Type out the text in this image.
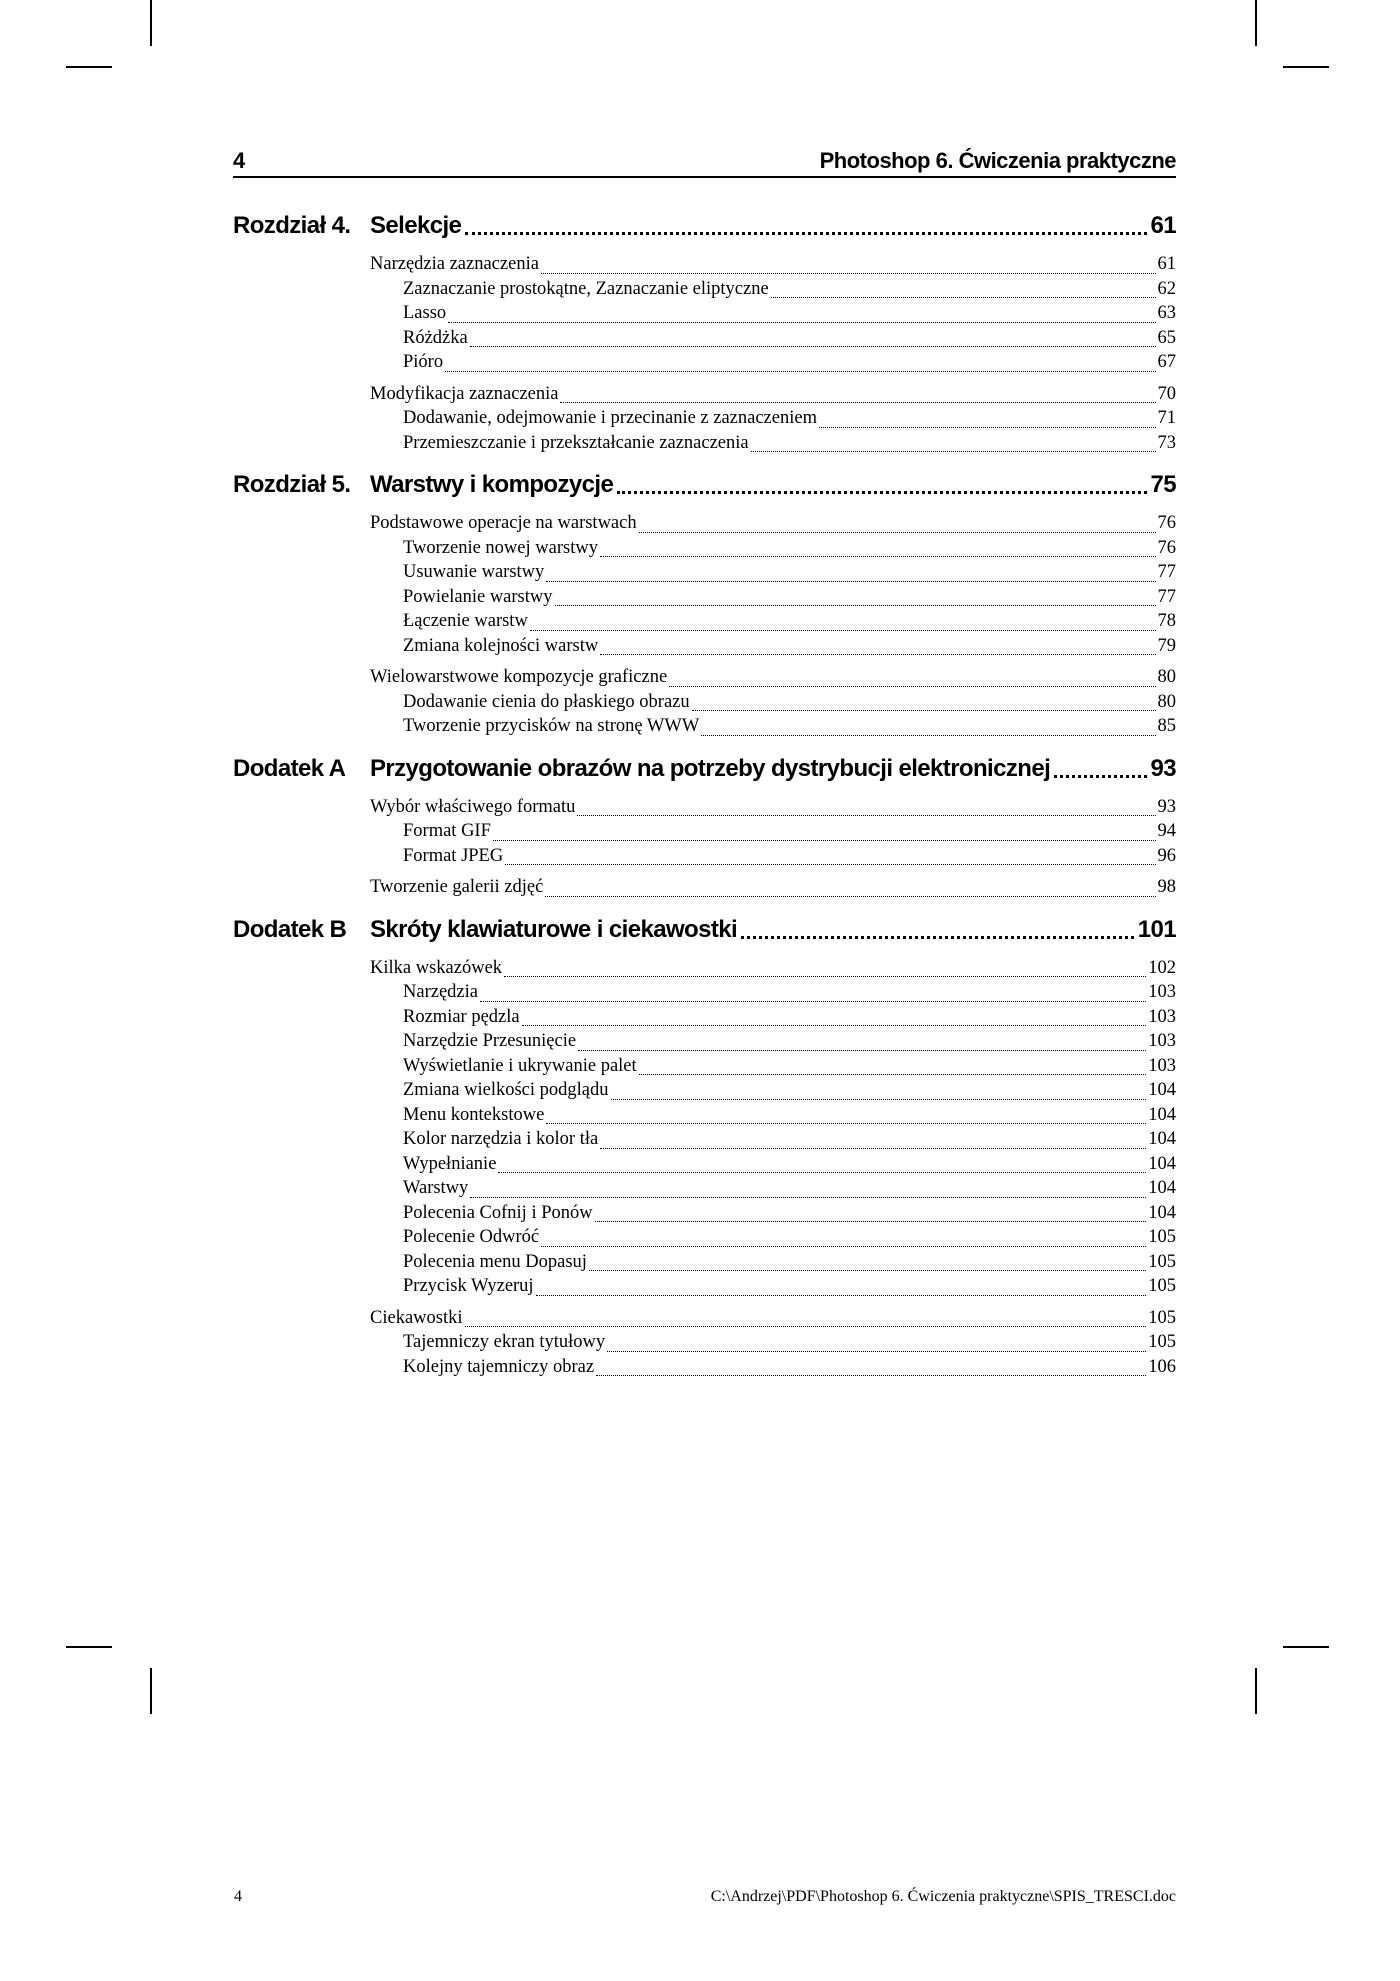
4	Photoshop 6. Ćwiczenia praktyczne
Rozdział 4. Selekcje	61
Narzędzia zaznaczenia	61
Zaznaczanie prostokątne, Zaznaczanie eliptyczne	62
Lasso	63
Różdżka	65
Pióro	67
Modyfikacja zaznaczenia	70
Dodawanie, odejmowanie i przecinanie z zaznaczeniem	71
Przemieszczanie i przekształcanie zaznaczenia	73
Rozdział 5. Warstwy i kompozycje	75
Podstawowe operacje na warstwach	76
Tworzenie nowej warstwy	76
Usuwanie warstwy	77
Powielanie warstwy	77
Łączenie warstw	78
Zmiana kolejności warstw	79
Wielowarstwowe kompozycje graficzne	80
Dodawanie cienia do płaskiego obrazu	80
Tworzenie przycisków na stronę WWW	85
Dodatek A Przygotowanie obrazów na potrzeby dystrybucji elektronicznej	93
Wybór właściwego formatu	93
Format GIF	94
Format JPEG	96
Tworzenie galerii zdjęć	98
Dodatek B Skróty klawiaturowe i ciekawostki	101
Kilka wskazówek	102
Narzędzia	103
Rozmiar pędzla	103
Narzędzie Przesunięcie	103
Wyświetlanie i ukrywanie palet	103
Zmiana wielkości podglądu	104
Menu kontekstowe	104
Kolor narzędzia i kolor tła	104
Wypełnianie	104
Warstwy	104
Polecenia Cofnij i Ponów	104
Polecenie Odwróć	105
Polecenia menu Dopasuj	105
Przycisk Wyzeruj	105
Ciekawostki	105
Tajemniczy ekran tytułowy	105
Kolejny tajemniczy obraz	106
4	C:\Andrzej\PDF\Photoshop 6. Ćwiczenia praktyczne\SPIS_TRESCI.doc
